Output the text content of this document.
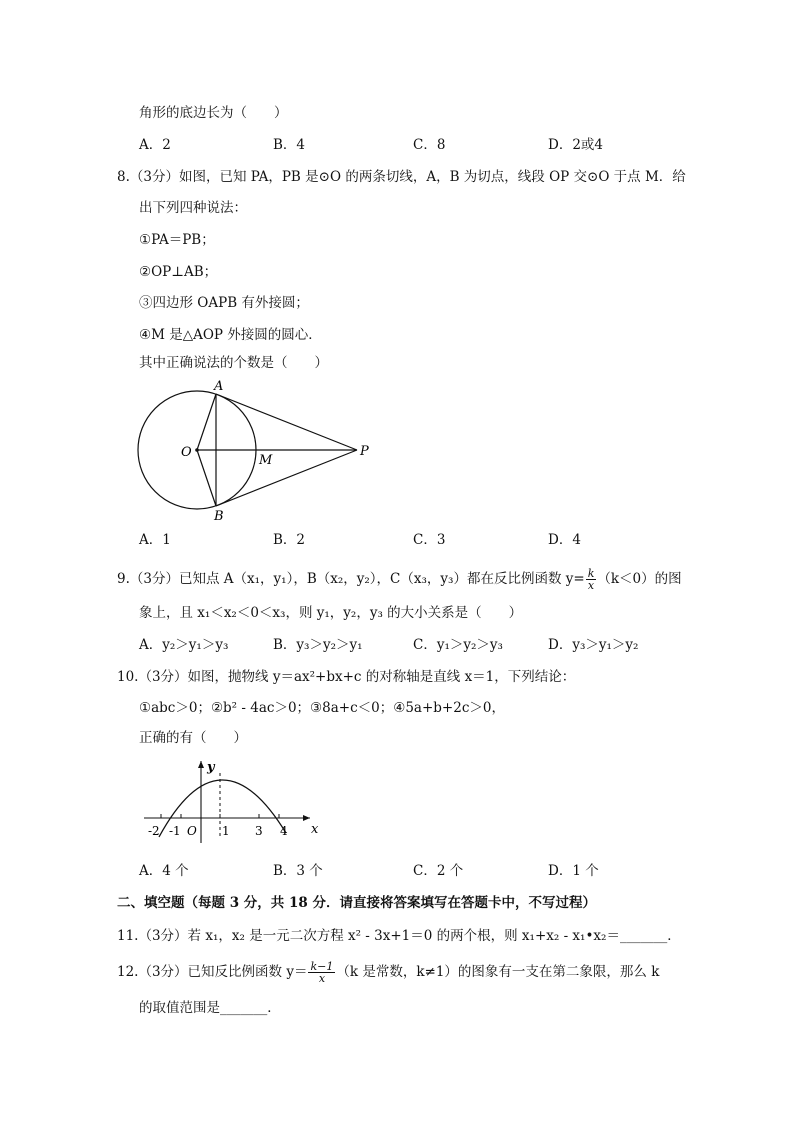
角形的底边长为（　　）
A．2	B．4	C．8	D．2或4
8.（3分）如图，已知 PA，PB 是⊙O 的两条切线，A，B 为切点，线段 OP 交⊙O 于点 M．给
出下列四种说法：
①PA＝PB；
②OP⊥AB；
③四边形 OAPB 有外接圆；
④M 是△AOP 外接圆的圆心．
其中正确说法的个数是（　　）
A
B
O
M
P
A．1	B．2	C．3	D．4
9.（3分）已知点 A（x₁，y₁），B（x₂，y₂），C（x₃，y₃）都在反比例函数 $y= \frac{k}{x} (k<0)$的图
象上，且 x₁＜x₂＜0＜x₃，则 y₁，y₂，y₃ 的大小关系是（　　）
A．y₂＞y₁＞y₃	B．y₃＞y₂＞y₁	C．y₁＞y₂＞y₃	D．y₃＞y₁＞y₂
10.（3分）如图，抛物线 y＝ax²+bx+c 的对称轴是直线 x＝1，下列结论：
①abc＞0；②b² - 4ac＞0；③8a+c＜0；④5a+b+2c＞0，
正确的有（　　）
y
x
-2 -1 O 1 3 4
A．4 个	B．3 个	C．2 个	D．1 个
二、填空题（每题 3 分，共 18 分．请直接将答案填写在答题卡中，不写过程）
11.（3分）若 x₁，x₂ 是一元二次方程 x² - 3x+1＝0 的两个根，则 x₁+x₂ - x₁•x₂＝_______．
12.（3分）已知反比例函数 $y= \frac{k-1}{x} (k$ 是常数，k≠1）的图象有一支在第二象限，那么 k
的取值范围是_______．
